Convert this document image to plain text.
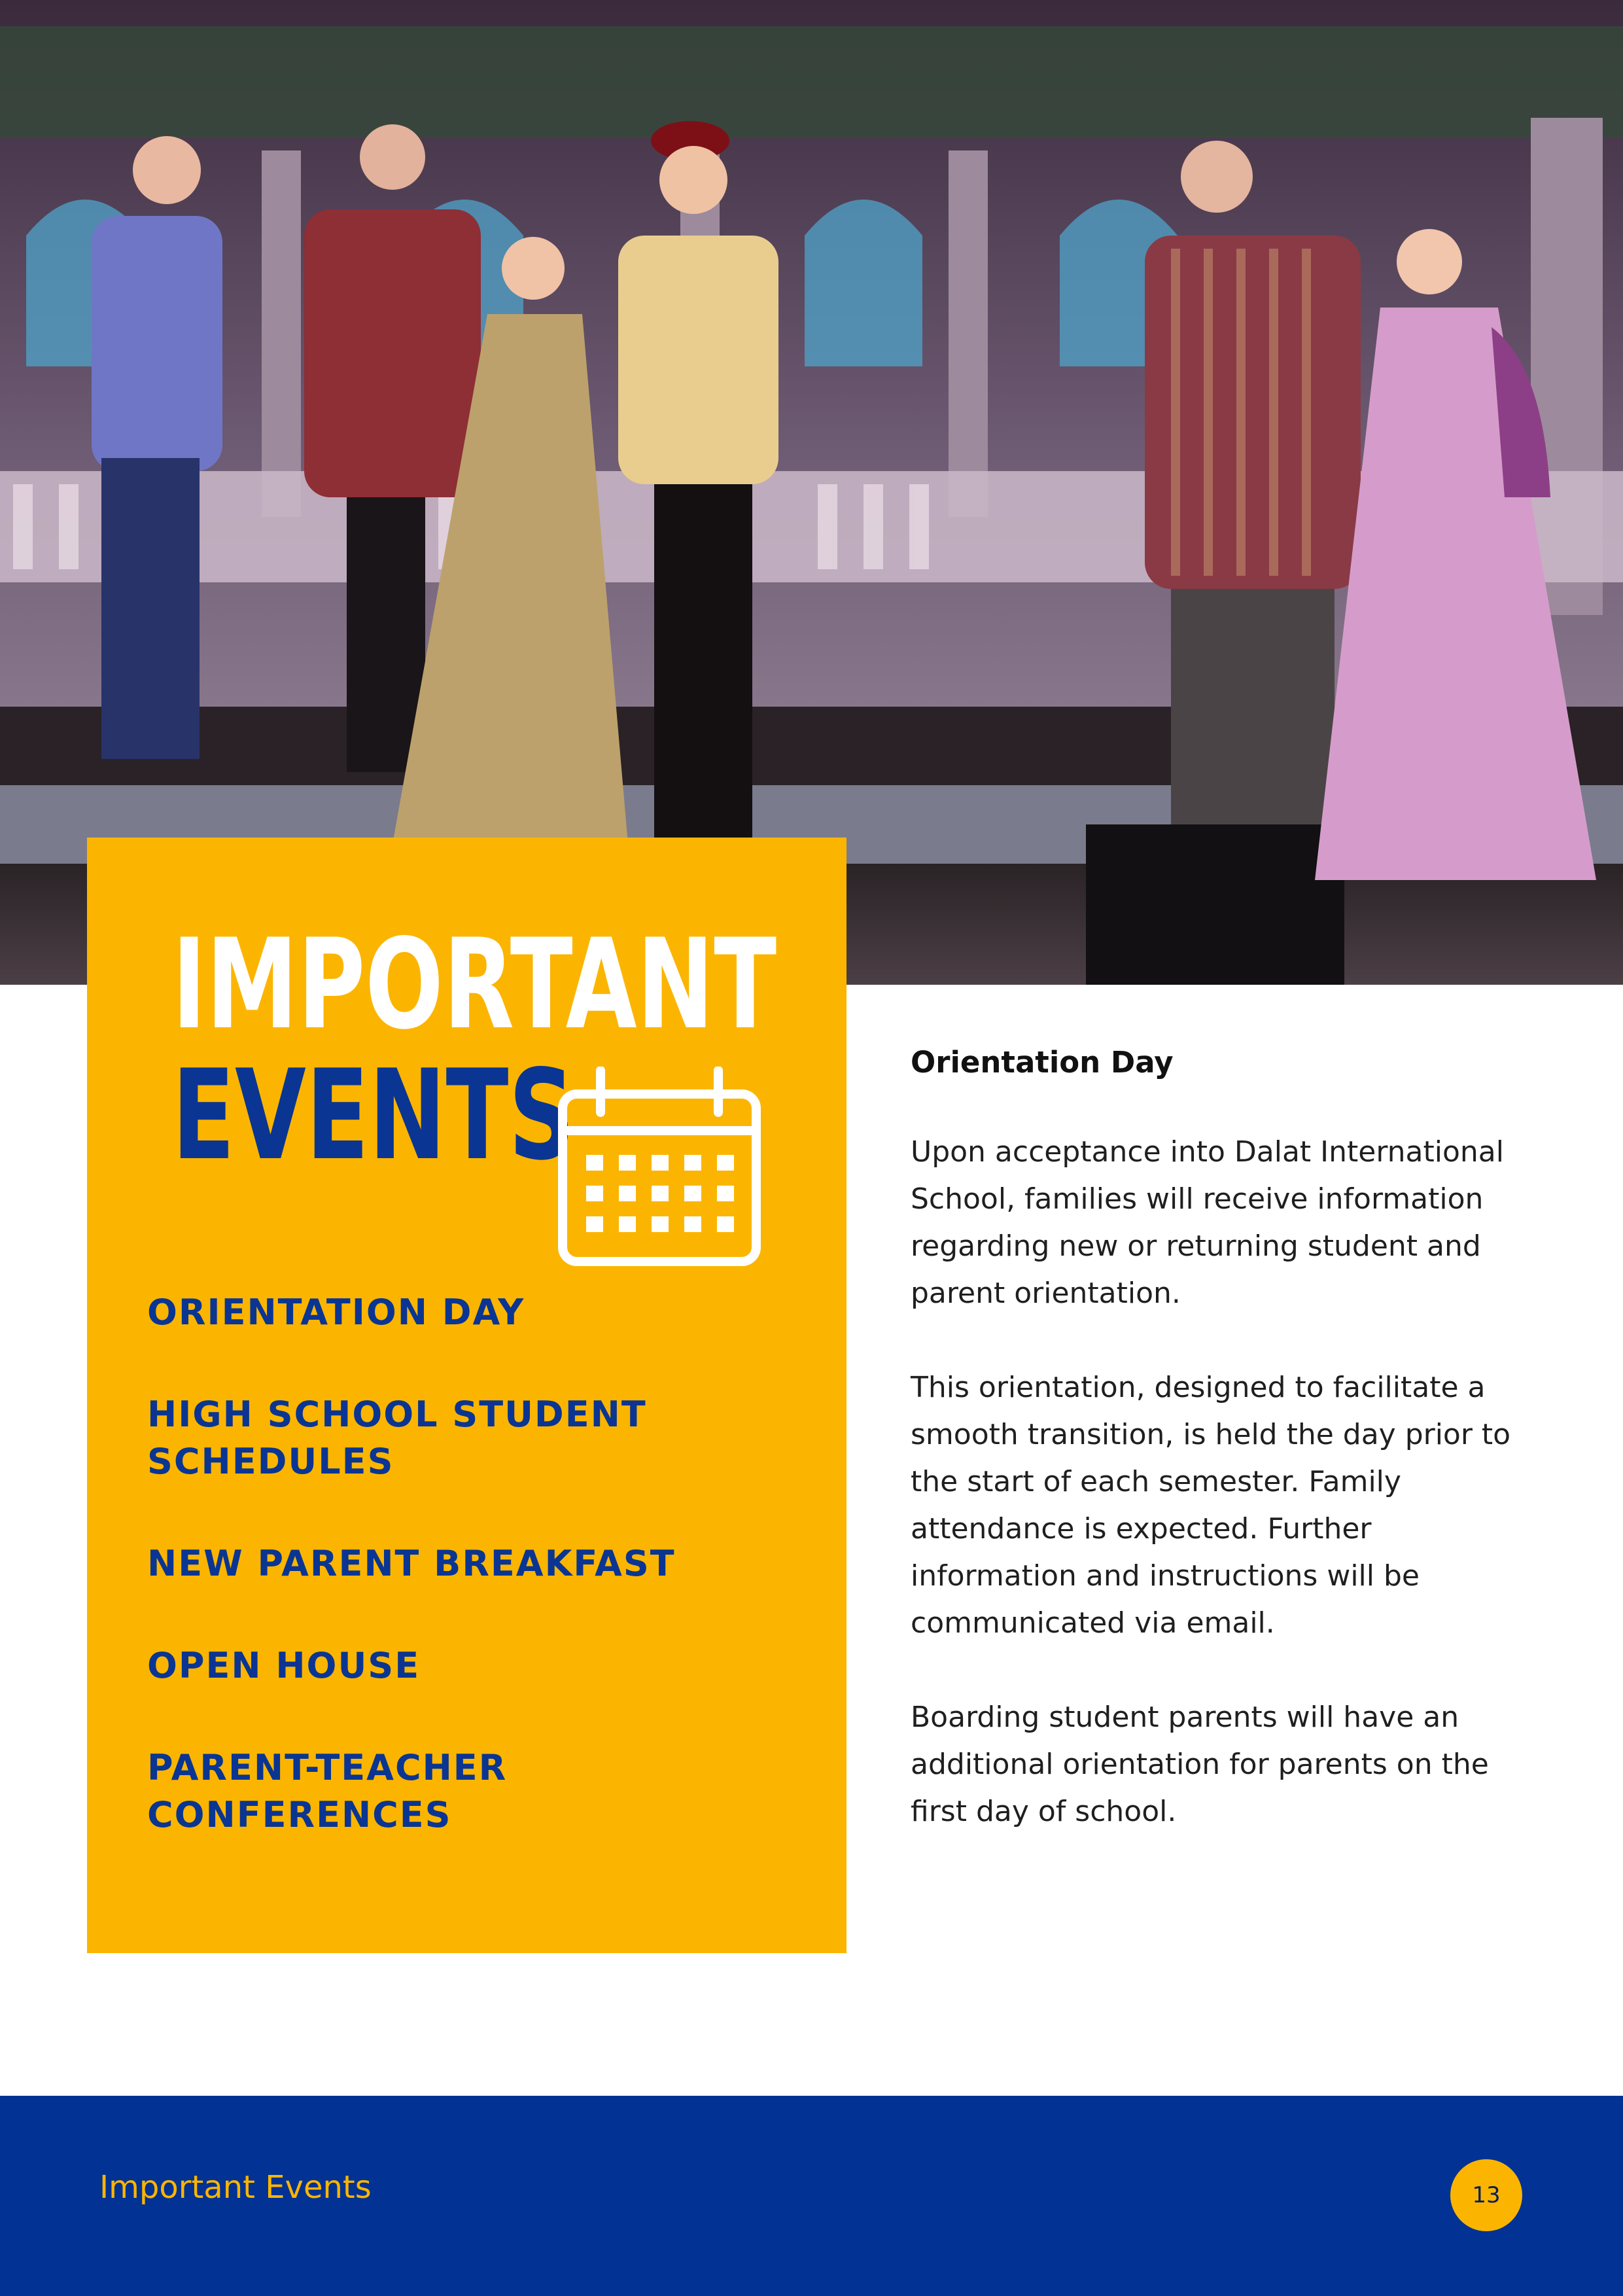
IMPORTANT
EVENTS
ORIENTATION DAY
HIGH SCHOOL STUDENT SCHEDULES
NEW PARENT BREAKFAST
OPEN HOUSE
PARENT-TEACHER CONFERENCES
Orientation Day

Upon acceptance into Dalat International School, families will receive information regarding new or returning student and parent orientation.

This orientation, designed to facilitate a smooth transition, is held the day prior to the start of each semester. Family attendance is expected. Further information and instructions will be communicated via email.

Boarding student parents will have an additional orientation for parents on the first day of school.

Important Events	13
